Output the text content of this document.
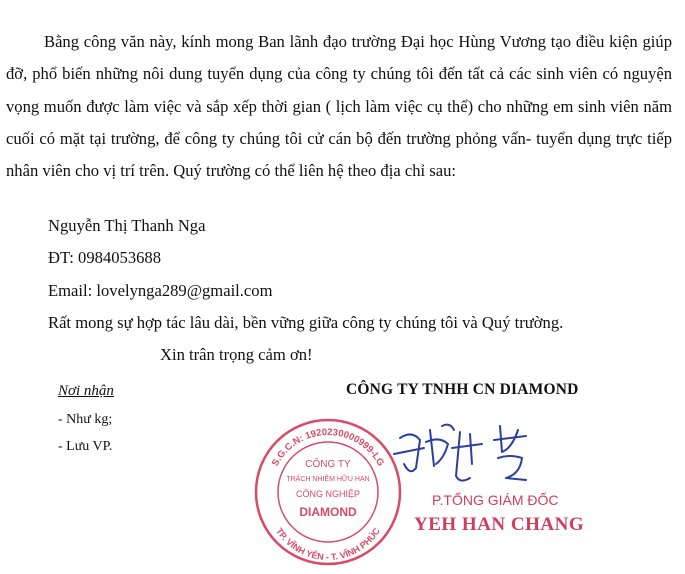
Bằng công văn này, kính mong Ban lãnh đạo trường Đại học Hùng Vương tạo điều kiện giúp đỡ, phổ biến những nôi dung tuyển dụng của công ty chúng tôi đến tất cả các sinh viên có nguyện vọng muốn được làm việc và sắp xếp thời gian ( lịch làm việc cụ thể) cho những em sinh viên năm cuối có mặt tại trường, để công ty chúng tôi cử cán bộ đến trường phỏng vấn- tuyển dụng trực tiếp nhân viên cho vị trí trên. Quý trường có thể liên hệ theo địa chỉ sau:

Nguyễn Thị Thanh Nga
ĐT: 0984053688
Email: lovelynga289@gmail.com
Rất mong sự hợp tác lâu dài, bền vững giữa công ty chúng tôi và Quý trường.
Xin trân trọng cảm ơn!
Nơi nhận
- Như kg;
- Lưu VP.
CÔNG TY TNHH CN DIAMOND
S.G.C.N: 1920230000999-LG
TP. VĨNH YÊN - T. VĨNH PHÚC
CÔNG TY
TRÁCH NHIỆM HỮU HẠN
CÔNG NGHIỆP
DIAMOND
P.TỔNG GIÁM ĐỐC
YEH HAN CHANG
